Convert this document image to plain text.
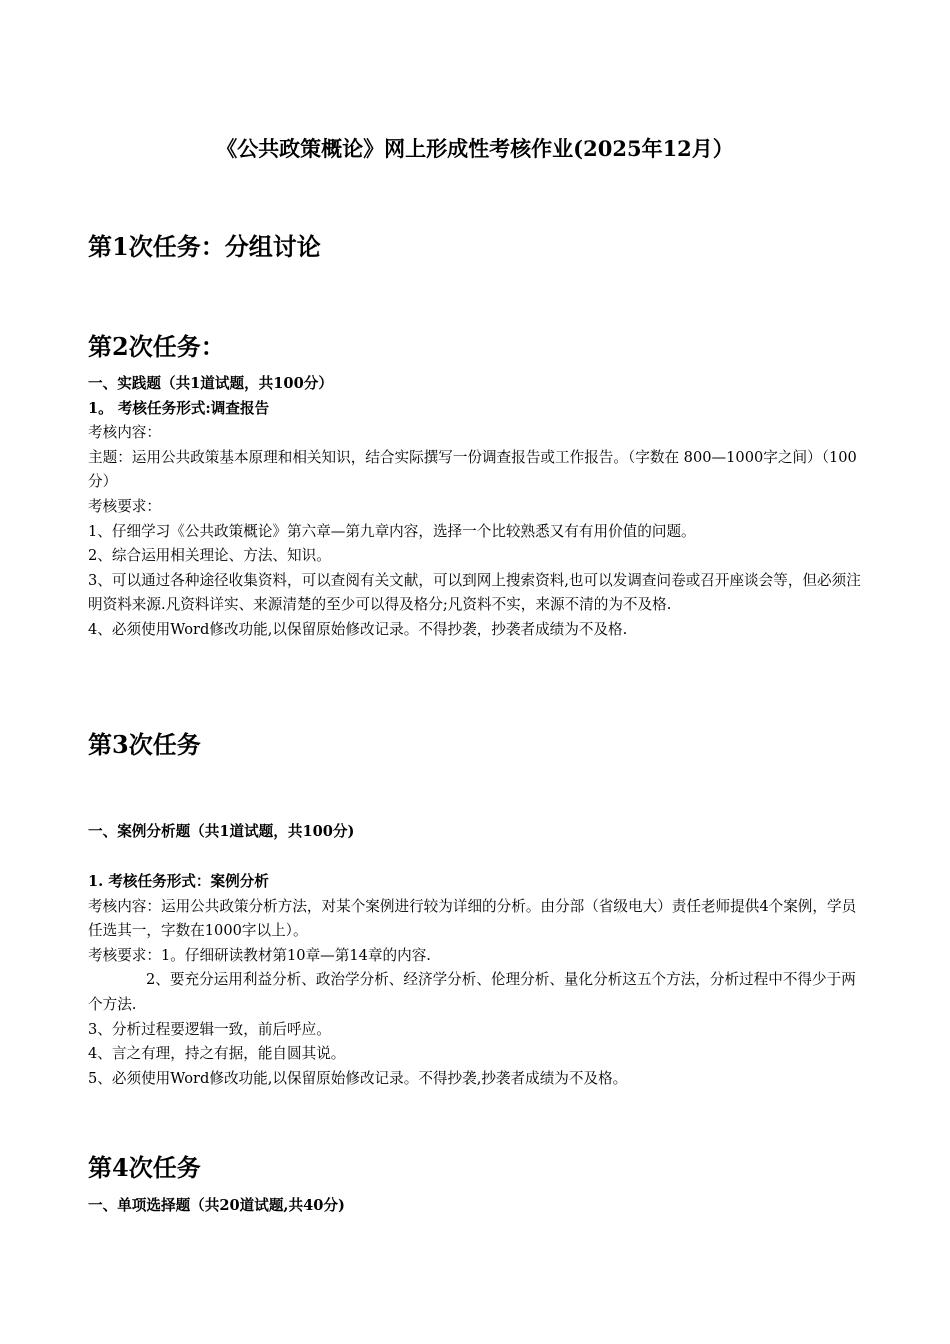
《公共政策概论》网上形成性考核作业(2025年12月）
第1次任务：分组讨论
第2次任务：

一、实践题（共1道试题，共100分）

1。 考核任务形式:调查报告

考核内容：

主题：运用公共政策基本原理和相关知识，结合实际撰写一份调查报告或工作报告。（字数在 800—1000字之间）（100分）

考核要求：

1、仔细学习《公共政策概论》第六章—第九章内容，选择一个比较熟悉又有有用价值的问题。

2、综合运用相关理论、方法、知识。

3、可以通过各种途径收集资料，可以查阅有关文献，可以到网上搜索资料,也可以发调查问卷或召开座谈会等，但必须注明资料来源.凡资料详实、来源清楚的至少可以得及格分;凡资料不实，来源不清的为不及格.

4、必须使用Word修改功能,以保留原始修改记录。不得抄袭，抄袭者成绩为不及格.

第3次任务

一、案例分析题（共1道试题，共100分)

1. 考核任务形式：案例分析

考核内容：运用公共政策分析方法，对某个案例进行较为详细的分析。由分部（省级电大）责任老师提供4个案例，学员任选其一，字数在1000字以上）。

考核要求：1。仔细研读教材第10章—第14章的内容.

2、要充分运用利益分析、政治学分析、经济学分析、伦理分析、量化分析这五个方法，分析过程中不得少于两个方法.

3、分析过程要逻辑一致，前后呼应。

4、言之有理，持之有据，能自圆其说。

5、必须使用Word修改功能,以保留原始修改记录。不得抄袭,抄袭者成绩为不及格。

第4次任务

一、单项选择题（共20道试题,共40分)
